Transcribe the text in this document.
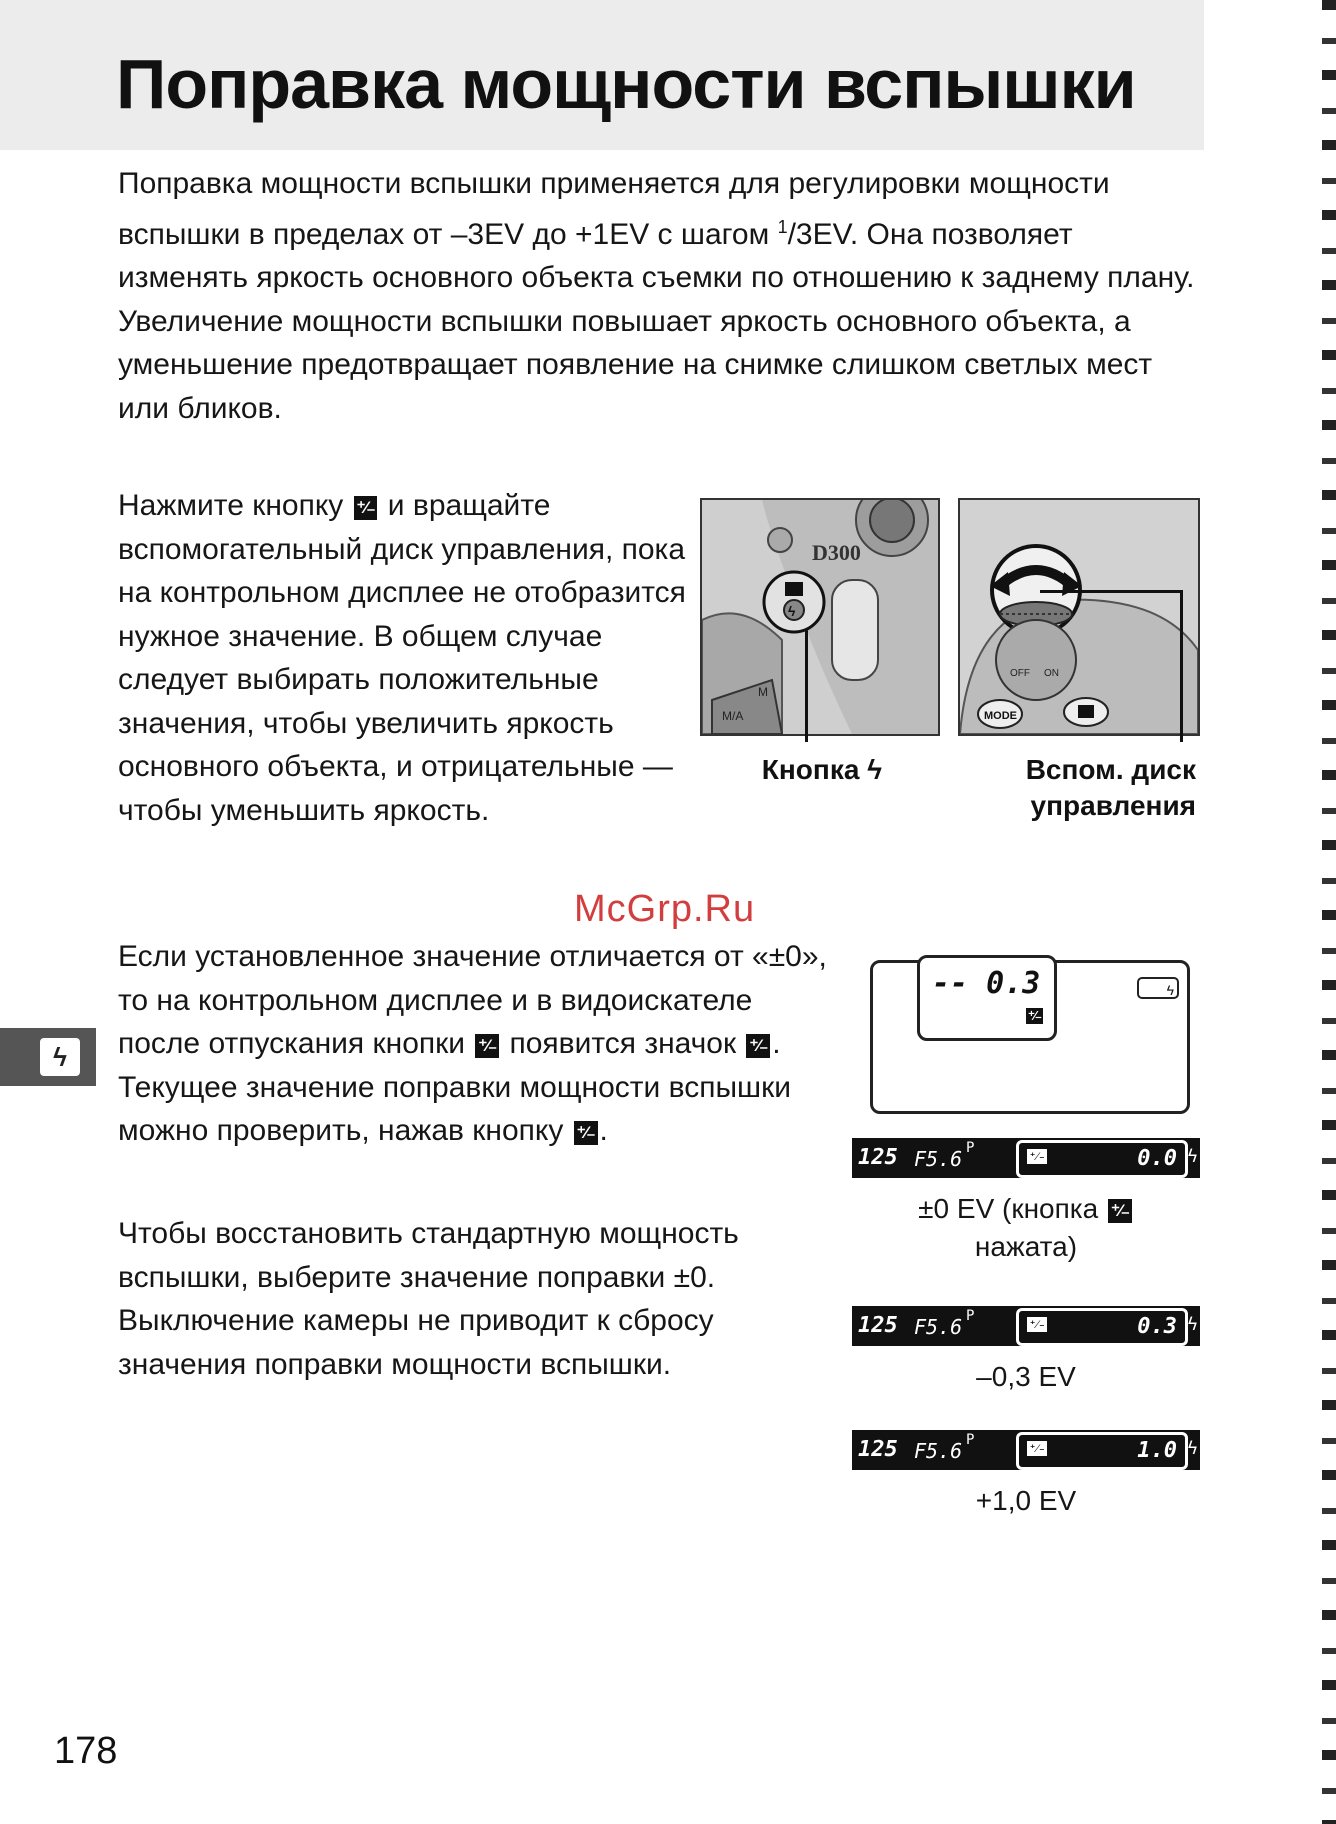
Поправка мощности вспышки

Поправка мощности вспышки применяется для регулировки мощности вспышки в пределах от –3EV до +1EV с шагом $^1$/3EV. Она позволяет изменять яркость основного объекта съемки по отношению к заднему плану. Увеличение мощности вспышки повышает яркость основного объекта, а уменьшение предотвращает появление на снимке слишком светлых мест или бликов.

Нажмите кнопку ⁺⁄₋ и вращайте вспомогательный диск управления, пока на контрольном дисплее не отобразится нужное значение. В общем случае следует выбирать положительные значения, чтобы увеличить яркость основного объекта, и отрицательные — чтобы уменьшить яркость.

D300
ϟ
M/A
M
OFF ON
MODE
Кнопка ϟ	Вспом. диск
управления
McGrp.Ru
ϟ

Если установленное значение отличается от «±0», то на контрольном дисплее и в видоискателе после отпускания кнопки ⁺⁄₋ появится значок ⁺⁄₋ . Текущее значение поправки мощности вспышки можно проверить, нажав кнопку ⁺⁄₋ .

Чтобы восстановить стандартную мощность вспышки, выберите значение поправки ±0. Выключение камеры не приводит к сбросу значения поправки мощности вспышки.

-- 0.3
⁺⁄₋
ϟ
125 F5.6 P	⁺⁄₋	0.0 ϟ
±0 EV (кнопка ⁺⁄₋
нажата)
125 F5.6 P	⁺⁄₋	0.3 ϟ
–0,3 EV
125 F5.6 P	⁺⁄₋	1.0 ϟ
+1,0 EV
178
